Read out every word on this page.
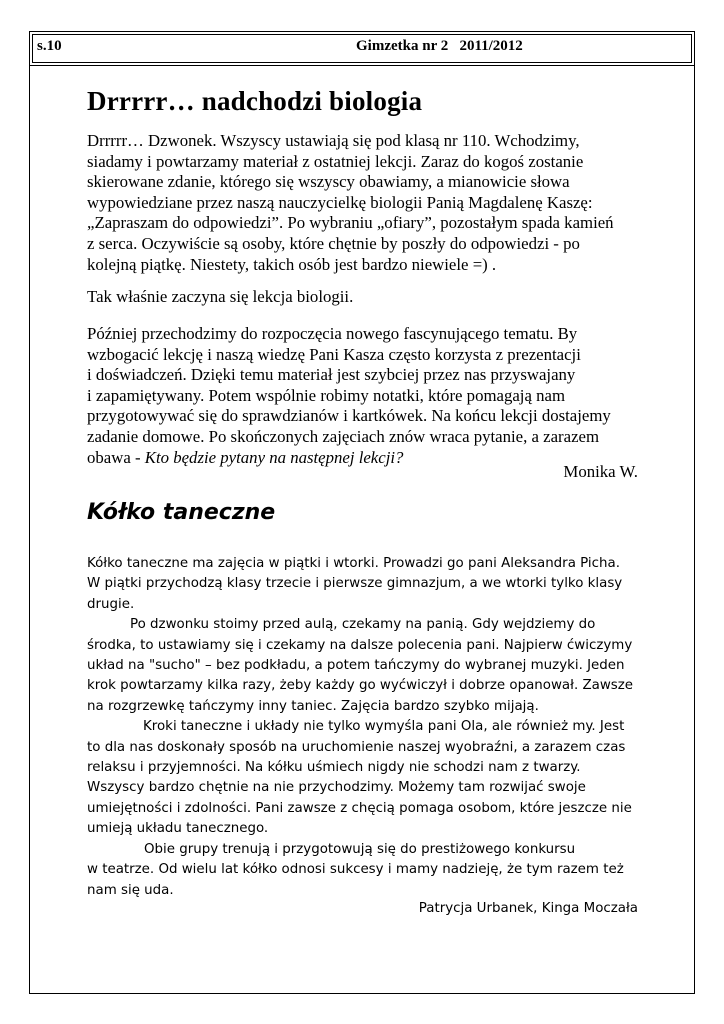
s.10	Gimzetka nr 2   2011/2012
Drrrrr… nadchodzi biologia

Drrrrr… Dzwonek. Wszyscy ustawiają się pod klasą nr 110. Wchodzimy,
siadamy i powtarzamy materiał z ostatniej lekcji. Zaraz do kogoś zostanie
skierowane zdanie, którego się wszyscy obawiamy, a mianowicie słowa
wypowiedziane przez naszą nauczycielkę biologii Panią Magdalenę Kaszę:
„Zapraszam do odpowiedzi”. Po wybraniu „ofiary”, pozostałym spada kamień
z serca. Oczywiście są osoby, które chętnie by poszły do odpowiedzi - po
kolejną piątkę. Niestety, takich osób jest bardzo niewiele =) .

Tak właśnie zaczyna się lekcja biologii.

Później przechodzimy do rozpoczęcia nowego fascynującego tematu. By
wzbogacić lekcję i naszą wiedzę Pani Kasza często korzysta z prezentacji
i doświadczeń. Dzięki temu materiał jest szybciej przez nas przyswajany
i zapamiętywany. Potem wspólnie robimy notatki, które pomagają nam
przygotowywać się do sprawdzianów i kartkówek. Na końcu lekcji dostajemy
zadanie domowe. Po skończonych zajęciach znów wraca pytanie, a zarazem
obawa - Kto będzie pytany na następnej lekcji?

Monika W.
Kółko taneczne

Kółko taneczne ma zajęcia w piątki i wtorki. Prowadzi go pani Aleksandra Picha.
W piątki przychodzą klasy trzecie i pierwsze gimnazjum, a we wtorki tylko klasy
drugie.
Po dzwonku stoimy przed aulą, czekamy na panią. Gdy wejdziemy do
środka, to ustawiamy się i czekamy na dalsze polecenia pani. Najpierw ćwiczymy
układ na "sucho" – bez podkładu, a potem tańczymy do wybranej muzyki. Jeden
krok powtarzamy kilka razy, żeby każdy go wyćwiczył i dobrze opanował. Zawsze
na rozgrzewkę tańczymy inny taniec. Zajęcia bardzo szybko mijają.
Kroki taneczne i układy nie tylko wymyśla pani Ola, ale również my. Jest
to dla nas doskonały sposób na uruchomienie naszej wyobraźni, a zarazem czas
relaksu i przyjemności. Na kółku uśmiech nigdy nie schodzi nam z twarzy.
Wszyscy bardzo chętnie na nie przychodzimy. Możemy tam rozwijać swoje
umiejętności i zdolności. Pani zawsze z chęcią pomaga osobom, które jeszcze nie
umieją układu tanecznego.
Obie grupy trenują i przygotowują się do prestiżowego konkursu
w teatrze. Od wielu lat kółko odnosi sukcesy i mamy nadzieję, że tym razem też
nam się uda.

Patrycja Urbanek, Kinga Moczała
